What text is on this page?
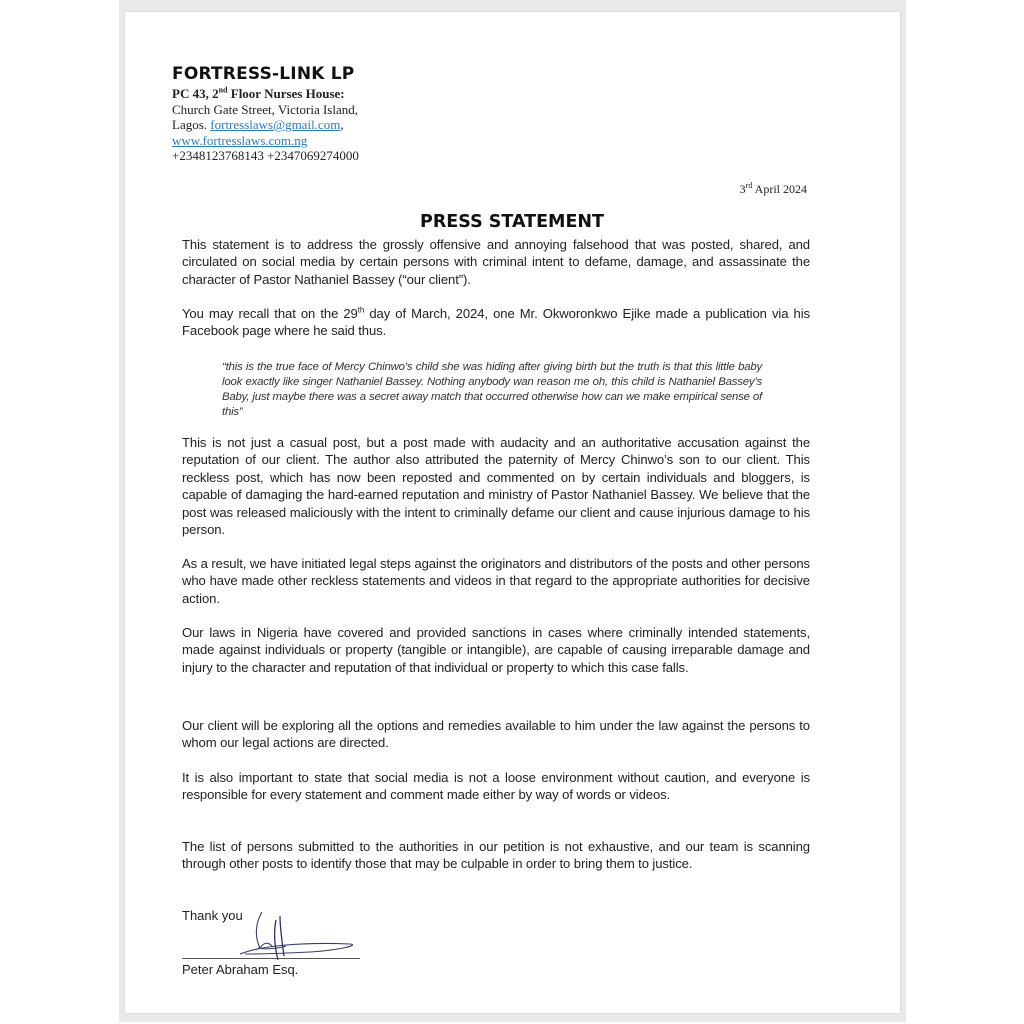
FORTRESS-LINK LP
PC 43, 2nd Floor Nurses House:
Church Gate Street, Victoria Island,
Lagos. fortresslaws@gmail.com,
www.fortresslaws.com.ng
+2348123768143 +2347069274000
3rd April 2024
PRESS STATEMENT
This statement is to address the grossly offensive and annoying falsehood that was posted, shared, and circulated on social media by certain persons with criminal intent to defame, damage, and assassinate the character of Pastor Nathaniel Bassey (“our client”).
You may recall that on the 29th day of March, 2024, one Mr. Okworonkwo Ejike made a publication via his Facebook page where he said thus.
“this is the true face of Mercy Chinwo’s child she was hiding after giving birth but the truth is that this little baby look exactly like singer Nathaniel Bassey. Nothing anybody wan reason me oh, this child is Nathaniel Bassey’s Baby, just maybe there was a secret away match that occurred otherwise how can we make empirical sense of this”
This is not just a casual post, but a post made with audacity and an authoritative accusation against the reputation of our client. The author also attributed the paternity of Mercy Chinwo’s son to our client. This reckless post, which has now been reposted and commented on by certain individuals and bloggers, is capable of damaging the hard-earned reputation and ministry of Pastor Nathaniel Bassey. We believe that the post was released maliciously with the intent to criminally defame our client and cause injurious damage to his person.
As a result, we have initiated legal steps against the originators and distributors of the posts and other persons who have made other reckless statements and videos in that regard to the appropriate authorities for decisive action.
Our laws in Nigeria have covered and provided sanctions in cases where criminally intended statements, made against individuals or property (tangible or intangible), are capable of causing irreparable damage and injury to the character and reputation of that individual or property to which this case falls.
Our client will be exploring all the options and remedies available to him under the law against the persons to whom our legal actions are directed.
It is also important to state that social media is not a loose environment without caution, and everyone is responsible for every statement and comment made either by way of words or videos.
The list of persons submitted to the authorities in our petition is not exhaustive, and our team is scanning through other posts to identify those that may be culpable in order to bring them to justice.
Thank you
Peter Abraham Esq.
